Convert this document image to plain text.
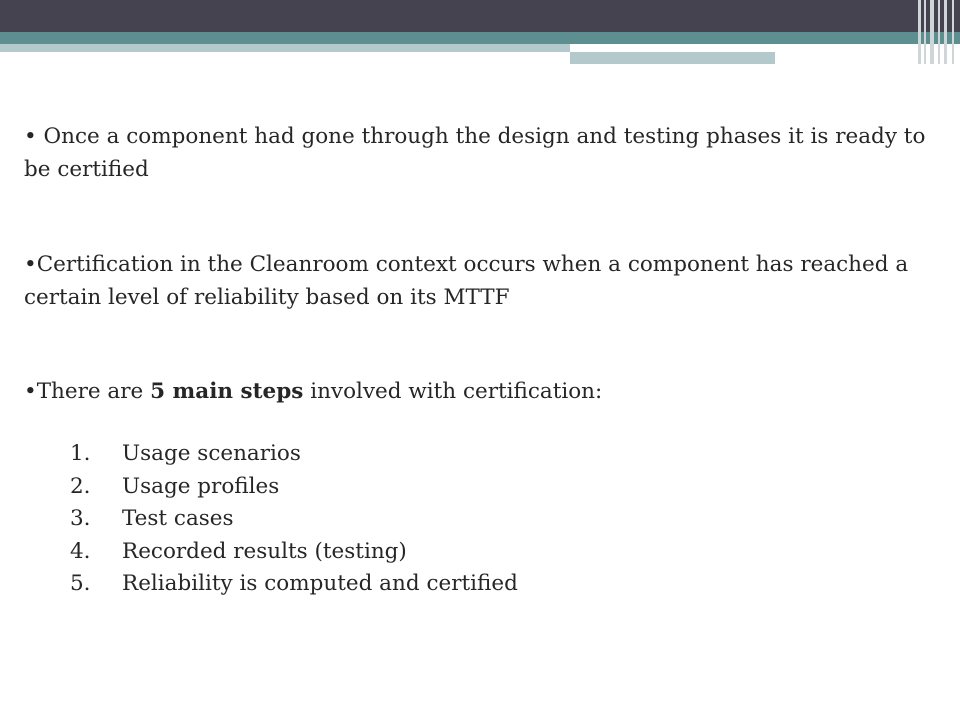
• Once a component had gone through the design and testing phases it is ready to be certified

•Certification in the Cleanroom context occurs when a component has reached a certain level of reliability based on its MTTF

•There are 5 main steps involved with certification:

1.	Usage scenarios
2.	Usage profiles
3.	Test cases
4.	Recorded results (testing)
5.	Reliability is computed and certified
